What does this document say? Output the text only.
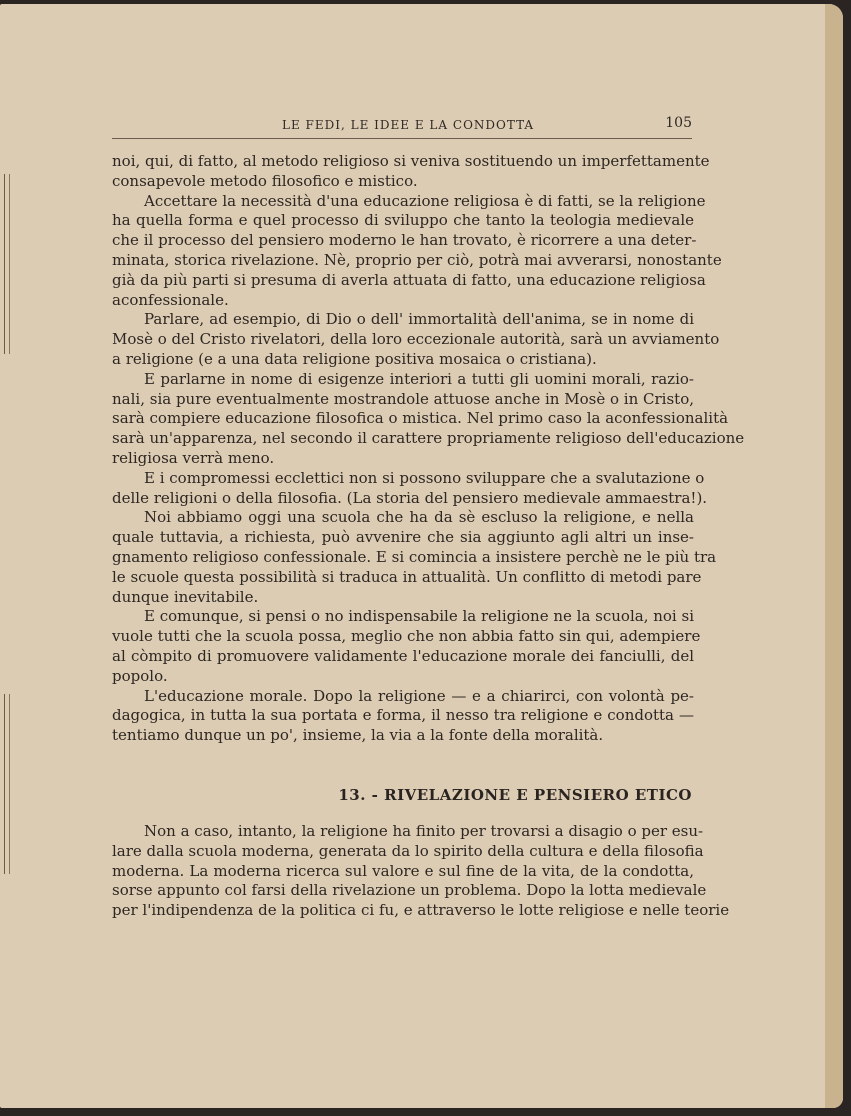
LE FEDI, LE IDEE E LA CONDOTTA	105
noi, qui, di fatto, al metodo religioso si veniva sostituendo un imperfettamente
consapevole metodo filosofico e mistico.
Accettare la necessità d'una educazione religiosa è di fatti, se la religione
ha quella forma e quel processo di sviluppo che tanto la teologia medievale
che il processo del pensiero moderno le han trovato, è ricorrere a una deter-
minata, storica rivelazione. Nè, proprio per ciò, potrà mai avverarsi, nonostante
già da più parti si presuma di averla attuata di fatto, una educazione religiosa
aconfessionale.
Parlare, ad esempio, di Dio o dell' immortalità dell'anima, se in nome di
Mosè o del Cristo rivelatori, della loro eccezionale autorità, sarà un avviamento
a religione (e a una data religione positiva mosaica o cristiana).
E parlarne in nome di esigenze interiori a tutti gli uomini morali, razio-
nali, sia pure eventualmente mostrandole attuose anche in Mosè o in Cristo,
sarà compiere educazione filosofica o mistica. Nel primo caso la aconfessionalità
sarà un'apparenza, nel secondo il carattere propriamente religioso dell'educazione
religiosa verrà meno.
E i compromessi ecclettici non si possono sviluppare che a svalutazione o
delle religioni o della filosofia. (La storia del pensiero medievale ammaestra!).
Noi abbiamo oggi una scuola che ha da sè escluso la religione, e nella
quale tuttavia, a richiesta, può avvenire che sia aggiunto agli altri un inse-
gnamento religioso confessionale. E si comincia a insistere perchè ne le più tra
le scuole questa possibilità si traduca in attualità. Un conflitto di metodi pare
dunque inevitabile.
E comunque, si pensi o no indispensabile la religione ne la scuola, noi si
vuole tutti che la scuola possa, meglio che non abbia fatto sin qui, adempiere
al còmpito di promuovere validamente l'educazione morale dei fanciulli, del
popolo.
L'educazione morale. Dopo la religione — e a chiarirci, con volontà pe-
dagogica, in tutta la sua portata e forma, il nesso tra religione e condotta —
tentiamo dunque un po', insieme, la via a la fonte della moralità.
13. - RIVELAZIONE E PENSIERO ETICO
Non a caso, intanto, la religione ha finito per trovarsi a disagio o per esu-
lare dalla scuola moderna, generata da lo spirito della cultura e della filosofia
moderna. La moderna ricerca sul valore e sul fine de la vita, de la condotta,
sorse appunto col farsi della rivelazione un problema. Dopo la lotta medievale
per l'indipendenza de la politica ci fu, e attraverso le lotte religiose e nelle teorie
